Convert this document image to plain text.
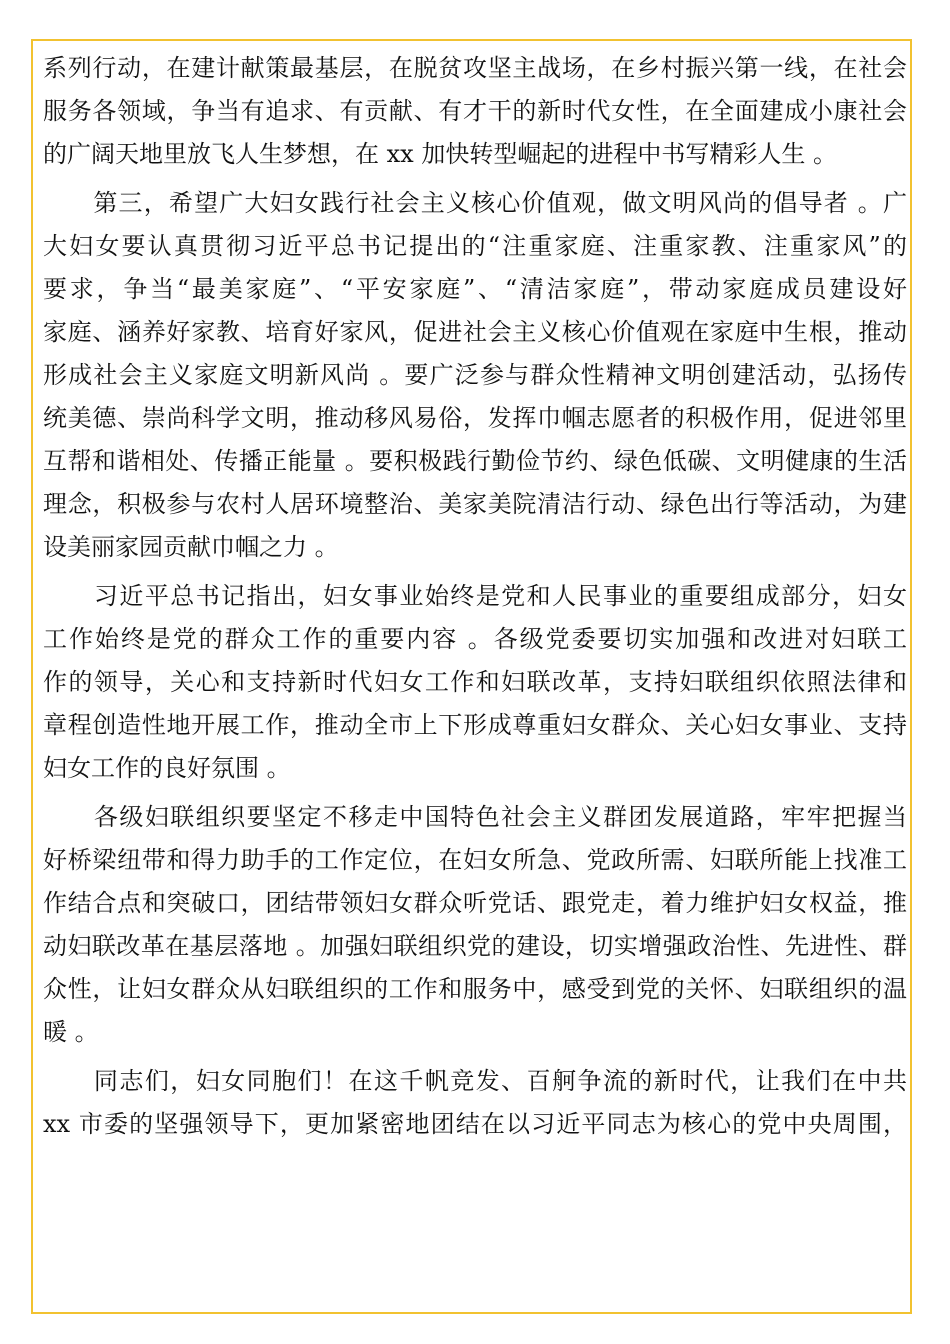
系列行动，在建计献策最基层，在脱贫攻坚主战场，在乡村振兴第一线，在社会
服务各领域，争当有追求、有贡献、有才干的新时代女性，在全面建成小康社会
的广阔天地里放飞人生梦想，在 xx 加快转型崛起的进程中书写精彩人生 。
　　第三，希望广大妇女践行社会主义核心价值观，做文明风尚的倡导者 。广
大妇女要认真贯彻习近平总书记提出的“注重家庭、注重家教、注重家风”的
要求，争当“最美家庭”、“平安家庭”、“清洁家庭”，带动家庭成员建设好
家庭、涵养好家教、培育好家风，促进社会主义核心价值观在家庭中生根，推动
形成社会主义家庭文明新风尚 。要广泛参与群众性精神文明创建活动，弘扬传
统美德、崇尚科学文明，推动移风易俗，发挥巾帼志愿者的积极作用，促进邻里
互帮和谐相处、传播正能量 。要积极践行勤俭节约、绿色低碳、文明健康的生活
理念，积极参与农村人居环境整治、美家美院清洁行动、绿色出行等活动，为建
设美丽家园贡献巾帼之力 。
　　习近平总书记指出，妇女事业始终是党和人民事业的重要组成部分，妇女
工作始终是党的群众工作的重要内容 。各级党委要切实加强和改进对妇联工
作的领导，关心和支持新时代妇女工作和妇联改革，支持妇联组织依照法律和
章程创造性地开展工作，推动全市上下形成尊重妇女群众、关心妇女事业、支持
妇女工作的良好氛围 。
　　各级妇联组织要坚定不移走中国特色社会主义群团发展道路，牢牢把握当
好桥梁纽带和得力助手的工作定位，在妇女所急、党政所需、妇联所能上找准工
作结合点和突破口，团结带领妇女群众听党话、跟党走，着力维护妇女权益，推
动妇联改革在基层落地 。加强妇联组织党的建设，切实增强政治性、先进性、群
众性，让妇女群众从妇联组织的工作和服务中，感受到党的关怀、妇联组织的温
暖 。
　　同志们，妇女同胞们！在这千帆竞发、百舸争流的新时代，让我们在中共
xx 市委的坚强领导下，更加紧密地团结在以习近平同志为核心的党中央周围，
